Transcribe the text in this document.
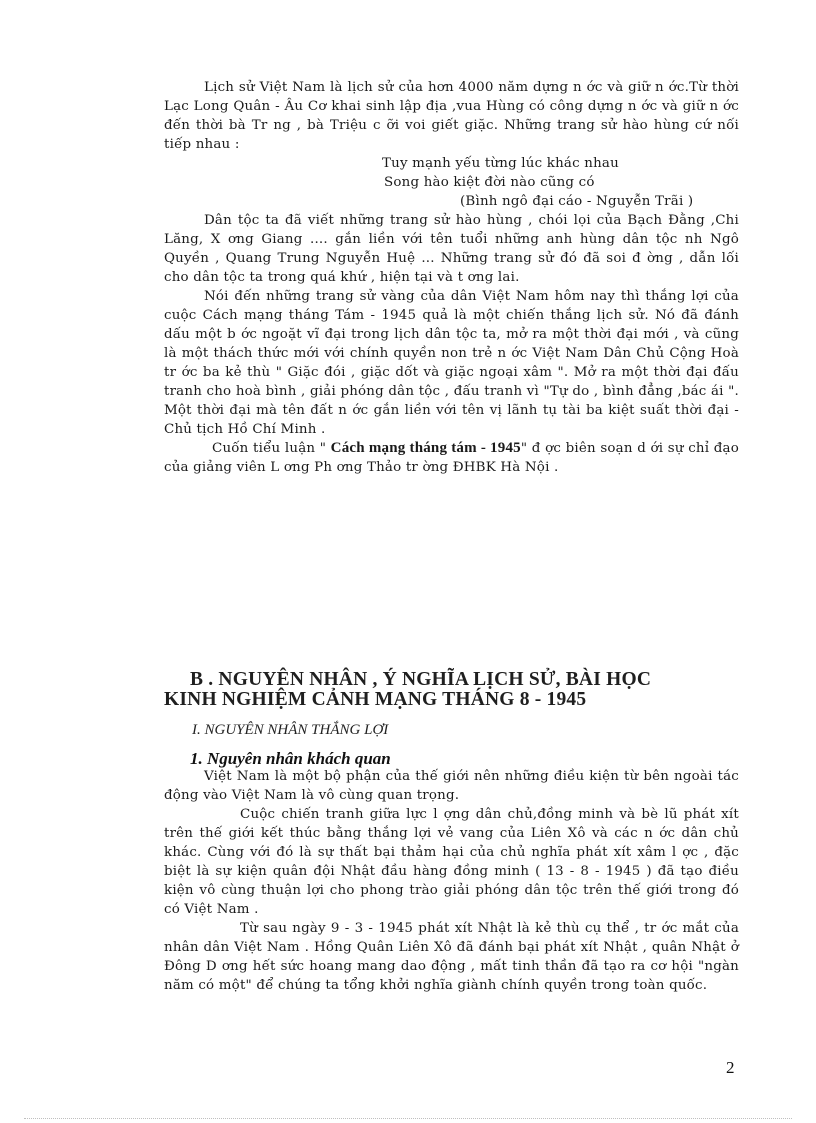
Lịch sử Việt Nam là lịch sử của hơn 4000 năm dựng n ớc và giữ n ớc.Từ thời Lạc Long Quân - Âu Cơ khai sinh lập địa ,vua Hùng có công dựng n ớc và giữ n ớc đến thời bà Tr ng , bà Triệu c ỡi voi giết giặc. Những trang sử hào hùng cứ nối tiếp nhau :

Tuy mạnh yếu từng lúc khác nhau
Song hào kiệt đời nào cũng có
(Bình ngô đại cáo - Nguyễn Trãi )

Dân tộc ta đã viết những trang sử hào hùng , chói lọi của Bạch Đằng ,Chi Lăng, X ơng Giang .... gắn liền với tên tuổi những anh hùng dân tộc nh Ngô Quyền , Quang Trung Nguyễn Huệ ... Những trang sử đó đã soi đ ờng , dẫn lối cho dân tộc ta trong quá khứ , hiện tại và t ơng lai.

Nói đến những trang sử vàng của dân Việt Nam hôm nay thì thắng lợi của cuộc Cách mạng tháng Tám - 1945 quả là một chiến thắng lịch sử. Nó đã đánh dấu một b ớc ngoặt vĩ đại trong lịch dân tộc ta, mở ra một thời đại mới , và cũng là một thách thức mới với chính quyền non trẻ n ớc Việt Nam Dân Chủ Cộng Hoà tr ớc ba kẻ thù " Giặc đói , giặc dốt và giặc ngoại xâm ". Mở ra một thời đại đấu tranh cho hoà bình , giải phóng dân tộc , đấu tranh vì "Tự do , bình đẳng ,bác ái ". Một thời đại mà tên đất n ớc gắn liền với tên vị lãnh tụ tài ba kiệt suất thời đại - Chủ tịch Hồ Chí Minh .

Cuốn tiểu luận " Cách mạng tháng tám - 1945" đ ợc biên soạn d ới sự chỉ đạo của giảng viên L ơng Ph ơng Thảo tr ờng ĐHBK Hà Nội .

B . NGUYÊN NHÂN , Ý NGHĨA LỊCH SỬ, BÀI HỌC
KINH NGHIỆM CẢNH MẠNG THÁNG 8 - 1945
I. NGUYÊN NHÂN THẮNG LỢI
1. Nguyên nhân khách quan

Việt Nam là một bộ phận của thế giới nên những điều kiện từ bên ngoài tác động vào Việt Nam là vô cùng quan trọng.

Cuộc chiến tranh giữa lực l ợng dân chủ,đồng minh và bè lũ phát xít trên thế giới kết thúc bằng thắng lợi vẻ vang của Liên Xô và các n ớc dân chủ khác. Cùng với đó là sự thất bại thảm hại của chủ nghĩa phát xít xâm l ợc , đặc biệt là sự kiện quân đội Nhật đầu hàng đồng minh ( 13 - 8 - 1945 ) đã tạo điều kiện vô cùng thuận lợi cho phong trào giải phóng dân tộc trên thế giới trong đó có Việt Nam .

Từ sau ngày 9 - 3 - 1945 phát xít Nhật là kẻ thù cụ thể , tr ớc mắt của nhân dân Việt Nam . Hồng Quân Liên Xô đã đánh bại phát xít Nhật , quân Nhật ở Đông D ơng hết sức hoang mang dao động , mất tinh thần đã tạo ra cơ hội "ngàn năm có một" để chúng ta tổng khởi nghĩa giành chính quyền trong toàn quốc.

2
